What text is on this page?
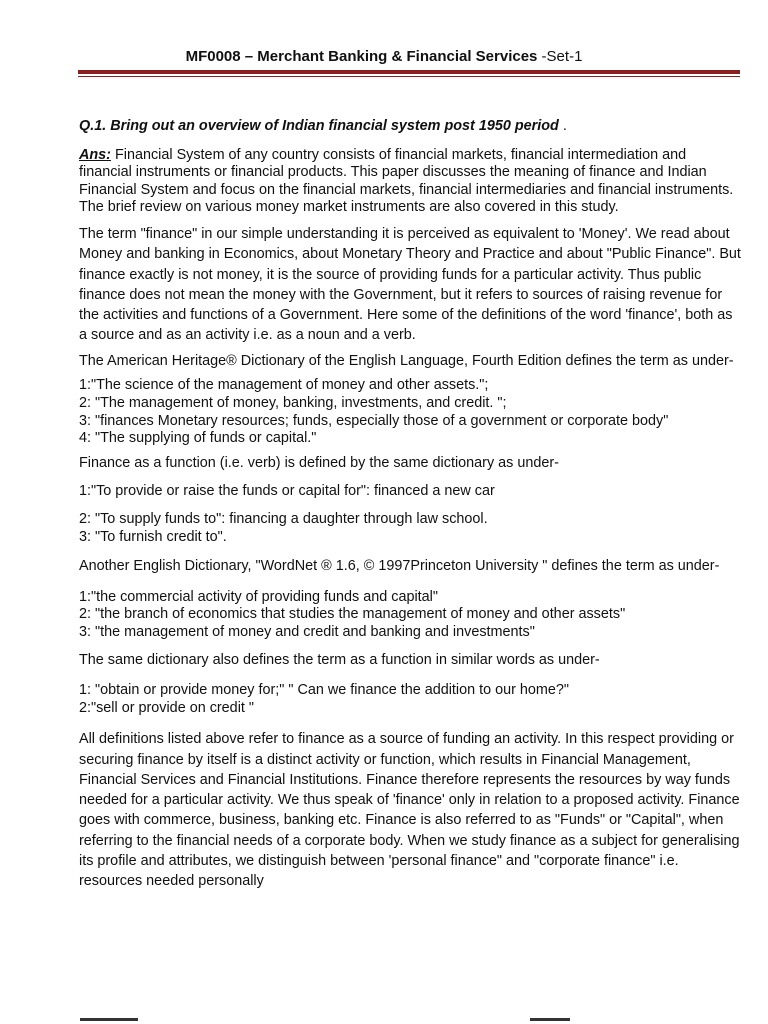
MF0008 – Merchant Banking & Financial Services -Set-1

Q.1. Bring out an overview of Indian financial system post 1950 period .

Ans: Financial System of any country consists of financial markets, financial intermediation and financial instruments or financial products. This paper discusses the meaning of finance and Indian Financial System and focus on the financial markets, financial intermediaries and financial instruments. The brief review on various money market instruments are also covered in this study.

The term "finance" in our simple understanding it is perceived as equivalent to 'Money'. We read about Money and banking in Economics, about Monetary Theory and Practice and about "Public Finance". But finance exactly is not money, it is the source of providing funds for a particular activity. Thus public finance does not mean the money with the Government, but it refers to sources of raising revenue for the activities and functions of a Government. Here some of the definitions of the word 'finance', both as a source and as an activity i.e. as a noun and a verb.

The American Heritage® Dictionary of the English Language, Fourth Edition defines the term as under-

1:"The science of the management of money and other assets.";
2: "The management of money, banking, investments, and credit. ";
3: "finances Monetary resources; funds, especially those of a government or corporate body"
4: "The supplying of funds or capital."

Finance as a function (i.e. verb) is defined by the same dictionary as under-

1:"To provide or raise the funds or capital for": financed a new car

2: "To supply funds to": financing a daughter through law school.
3: "To furnish credit to".

Another English Dictionary, "WordNet ® 1.6, © 1997Princeton University " defines the term as under-

1:"the commercial activity of providing funds and capital"
2: "the branch of economics that studies the management of money and other assets"
3: "the management of money and credit and banking and investments"

The same dictionary also defines the term as a function in similar words as under-

1: "obtain or provide money for;" " Can we finance the addition to our home?"
2:"sell or provide on credit "

All definitions listed above refer to finance as a source of funding an activity. In this respect providing or securing finance by itself is a distinct activity or function, which results in Financial Management, Financial Services and Financial Institutions. Finance therefore represents the resources by way funds needed for a particular activity. We thus speak of 'finance' only in relation to a proposed activity. Finance goes with commerce, business, banking etc. Finance is also referred to as "Funds" or "Capital", when referring to the financial needs of a corporate body. When we study finance as a subject for generalising its profile and attributes, we distinguish between 'personal finance" and "corporate finance" i.e. resources needed personally
